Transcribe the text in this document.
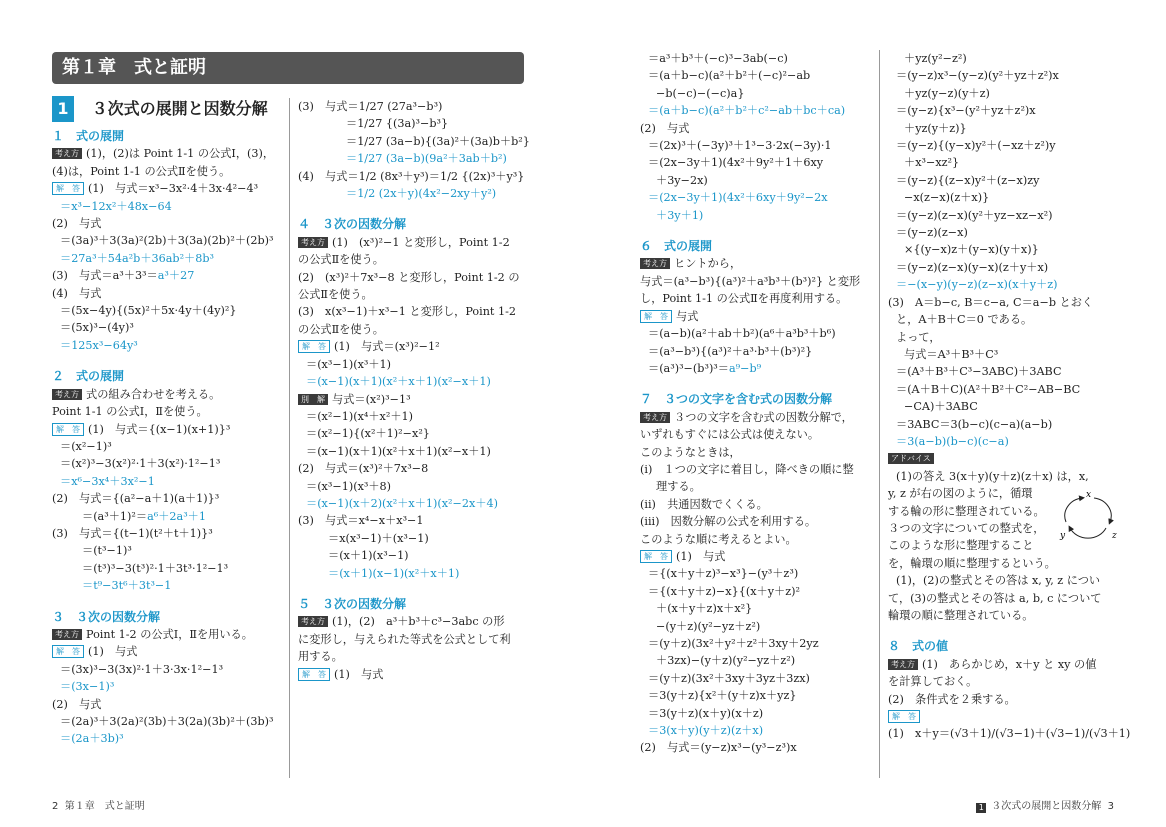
第１章　式と証明
1 ３次式の展開と因数分解
１　式の展開
考え方 (1)，(2)は Point 1-1 の公式Ⅰ，(3)，
(4)は，Point 1-1 の公式Ⅱを使う。
解　答 (1)　与式＝x³−3x²·4＋3x·4²−4³
＝x³−12x²＋48x−64
(2)　与式
＝(3a)³＋3(3a)²(2b)＋3(3a)(2b)²＋(2b)³
＝27a³＋54a²b＋36ab²＋8b³
(3)　与式＝a³＋3³＝a³＋27
(4)　与式
＝(5x−4y){(5x)²＋5x·4y＋(4y)²}
＝(5x)³−(4y)³
＝125x³−64y³
２　式の展開
考え方 式の組み合わせを考える。
Point 1-1 の公式Ⅰ，Ⅱを使う。
解　答 (1)　与式＝{(x−1)(x+1)}³
＝(x²−1)³
＝(x²)³−3(x²)²·1＋3(x²)·1²−1³
＝x⁶−3x⁴＋3x²−1
(2)　与式＝{(a²−a＋1)(a＋1)}³
＝(a³＋1)²＝a⁶＋2a³＋1
(3)　与式＝{(t−1)(t²＋t＋1)}³
＝(t³−1)³
＝(t³)³−3(t³)²·1＋3t³·1²−1³
＝t⁹−3t⁶＋3t³−1
３　３次の因数分解
考え方 Point 1-2 の公式Ⅰ，Ⅱを用いる。
解　答 (1)　与式
＝(3x)³−3(3x)²·1＋3·3x·1²−1³
＝(3x−1)³
(2)　与式
＝(2a)³＋3(2a)²(3b)＋3(2a)(3b)²＋(3b)³
＝(2a＋3b)³
(3)　与式＝1/27 (27a³−b³)
＝1/27 {(3a)³−b³}
＝1/27 (3a−b){(3a)²＋(3a)b＋b²}
＝1/27 (3a−b)(9a²＋3ab＋b²)
(4)　与式＝1/2 (8x³＋y³)＝1/2 {(2x)³＋y³}
＝1/2 (2x＋y)(4x²−2xy＋y²)
４　３次の因数分解
考え方 (1)　(x³)²−1 と変形し，Point 1-2
の公式Ⅱを使う。
(2)　(x³)²＋7x³−8 と変形し，Point 1-2 の
公式Ⅱを使う。
(3)　x(x³−1)＋x³−1 と変形し，Point 1-2
の公式Ⅱを使う。
解　答 (1)　与式＝(x³)²−1²
＝(x³−1)(x³＋1)
＝(x−1)(x＋1)(x²＋x＋1)(x²−x＋1)
別　解 与式＝(x²)³−1³
＝(x²−1)(x⁴＋x²＋1)
＝(x²−1){(x²＋1)²−x²}
＝(x−1)(x＋1)(x²＋x＋1)(x²−x＋1)
(2)　与式＝(x³)²＋7x³−8
＝(x³−1)(x³＋8)
＝(x−1)(x＋2)(x²＋x＋1)(x²−2x＋4)
(3)　与式＝x⁴−x＋x³−1
＝x(x³−1)＋(x³−1)
＝(x＋1)(x³−1)
＝(x＋1)(x−1)(x²＋x＋1)
５　３次の因数分解
考え方 (1)，(2)　a³＋b³＋c³−3abc の形
に変形し，与えられた等式を公式として利
用する。
解　答 (1)　与式
＝a³＋b³＋(−c)³−3ab(−c)
＝(a＋b−c)(a²＋b²＋(−c)²−ab
−b(−c)−(−c)a}
＝(a＋b−c)(a²＋b²＋c²−ab＋bc＋ca)
(2)　与式
＝(2x)³＋(−3y)³＋1³−3·2x(−3y)·1
＝(2x−3y＋1)(4x²＋9y²＋1＋6xy
＋3y−2x)
＝(2x−3y＋1)(4x²＋6xy＋9y²−2x
＋3y＋1)
６　式の展開
考え方 ヒントから，
与式＝(a³−b³){(a³)²＋a³b³＋(b³)²} と変形
し，Point 1-1 の公式Ⅱを再度利用する。
解　答 与式
＝(a−b)(a²＋ab＋b²)(a⁶＋a³b³＋b⁶)
＝(a³−b³){(a³)²＋a³·b³＋(b³)²}
＝(a³)³−(b³)³＝a⁹−b⁹
７　３つの文字を含む式の因数分解
考え方 ３つの文字を含む式の因数分解で，
いずれもすぐには公式は使えない。
このようなときは，
(i)　１つの文字に着目し，降べきの順に整
理する。
(ii)　共通因数でくくる。
(iii)　因数分解の公式を利用する。
このような順に考えるとよい。
解　答 (1)　与式
＝{(x＋y＋z)³−x³}−(y³＋z³)
＝{(x＋y＋z)−x}{(x＋y＋z)²
＋(x＋y＋z)x＋x²}
−(y＋z)(y²−yz＋z²)
＝(y＋z)(3x²＋y²＋z²＋3xy＋2yz
＋3zx)−(y＋z)(y²−yz＋z²)
＝(y＋z)(3x²＋3xy＋3yz＋3zx)
＝3(y＋z){x²＋(y＋z)x＋yz}
＝3(y＋z)(x＋y)(x＋z)
＝3(x＋y)(y＋z)(z＋x)
(2)　与式＝(y−z)x³−(y³−z³)x
＋yz(y²−z²)
＝(y−z)x³−(y−z)(y²＋yz＋z²)x
＋yz(y−z)(y＋z)
＝(y−z){x³−(y²＋yz＋z²)x
＋yz(y＋z)}
＝(y−z){(y−x)y²＋(−xz＋z²)y
＋x³−xz²}
＝(y−z){(z−x)y²＋(z−x)zy
−x(z−x)(z＋x)}
＝(y−z)(z−x)(y²＋yz−xz−x²)
＝(y−z)(z−x)
×{(y−x)z＋(y−x)(y＋x)}
＝(y−z)(z−x)(y−x)(z＋y＋x)
＝−(x−y)(y−z)(z−x)(x＋y＋z)
(3)　A＝b−c, B＝c−a, C＝a−b とおく
と，A＋B＋C＝0 である。
よって，
与式＝A³＋B³＋C³
＝(A³＋B³＋C³−3ABC)＋3ABC
＝(A＋B＋C)(A²＋B²＋C²−AB−BC
−CA)＋3ABC
＝3ABC＝3(b−c)(c−a)(a−b)
＝3(a−b)(b−c)(c−a)
アドバイス
(1)の答え 3(x＋y)(y＋z)(z＋x) は，x,
y, z が右の図のように，循環
する輪の形に整理されている。
３つの文字についての整式を，
このような形に整理すること
を，輪環の順に整理するという。
(1)，(2)の整式とその答は x, y, z につい
て，(3)の整式とその答は a, b, c について
輪環の順に整理されている。
８　式の値
考え方 (1)　あらかじめ，x＋y と xy の値
を計算しておく。
(2)　条件式を２乗する。
解　答
(1)　x＋y＝(√3＋1)/(√3−1)＋(√3−1)/(√3＋1)
x
y	z
2 第１章　式と証明	1 ３次式の展開と因数分解 3
